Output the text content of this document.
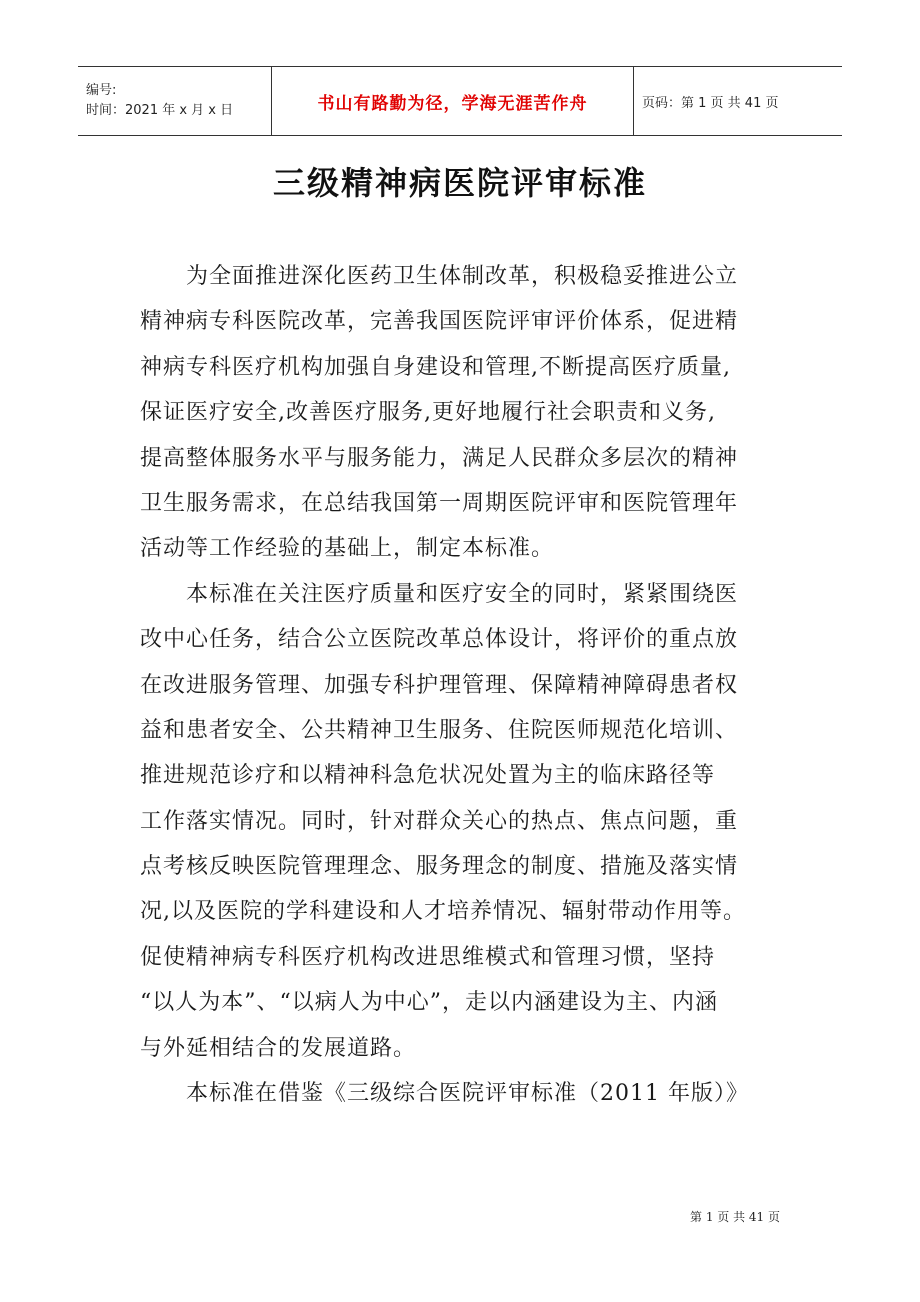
编号:
时间：2021 年 x 月 x 日	书山有路勤为径，学海无涯苦作舟	页码：第 1 页 共 41 页
三级精神病医院评审标准
　　为全面推进深化医药卫生体制改革，积极稳妥推进公立
精神病专科医院改革，完善我国医院评审评价体系，促进精
神病专科医疗机构加强自身建设和管理,不断提高医疗质量,
保证医疗安全,改善医疗服务,更好地履行社会职责和义务,
提高整体服务水平与服务能力，满足人民群众多层次的精神
卫生服务需求，在总结我国第一周期医院评审和医院管理年
活动等工作经验的基础上，制定本标准。
　　本标准在关注医疗质量和医疗安全的同时，紧紧围绕医
改中心任务，结合公立医院改革总体设计，将评价的重点放
在改进服务管理、加强专科护理管理、保障精神障碍患者权
益和患者安全、公共精神卫生服务、住院医师规范化培训、
推进规范诊疗和以精神科急危状况处置为主的临床路径等
工作落实情况。同时，针对群众关心的热点、焦点问题，重
点考核反映医院管理理念、服务理念的制度、措施及落实情
况,以及医院的学科建设和人才培养情况、辐射带动作用等。
促使精神病专科医疗机构改进思维模式和管理习惯，坚持
“以人为本”、“以病人为中心”，走以内涵建设为主、内涵
与外延相结合的发展道路。
　　本标准在借鉴《三级综合医院评审标准（2011 年版）》
第 1 页 共 41 页
